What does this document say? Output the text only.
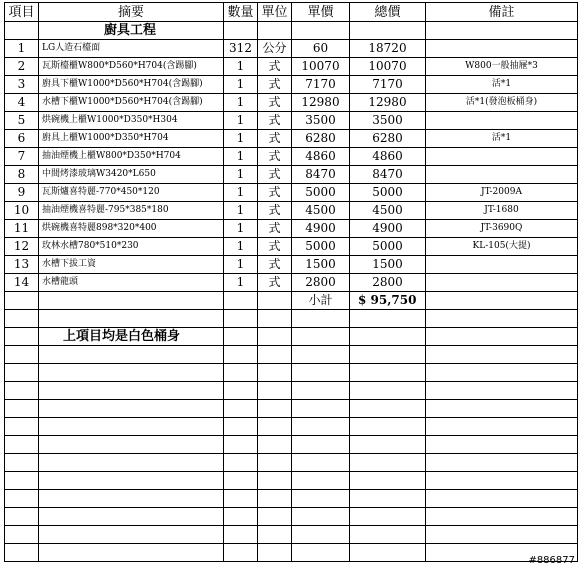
項目	摘要	數量	單位	單價	總價	備註
	廚具工程					
1	LG人造石檯面	312	公分	60	18720	
2	瓦斯檯櫃W800*D560*H704(含踢腳)	1	式	10070	10070	W800一般抽屜*3
3	廚具下櫃W1000*D560*H704(含踢腳)	1	式	7170	7170	活*1
4	水槽下櫃W1000*D560*H704(含踢腳)	1	式	12980	12980	活*1(發泡板桶身)
5	烘碗機上櫃W1000*D350*H304	1	式	3500	3500	
6	廚具上櫃W1000*D350*H704	1	式	6280	6280	活*1
7	抽油煙機上櫃W800*D350*H704	1	式	4860	4860	
8	中間烤漆玻璃W3420*L650	1	式	8470	8470	
9	瓦斯爐喜特麗-770*450*120	1	式	5000	5000	JT-2009A
10	抽油煙機喜特麗-795*385*180	1	式	4500	4500	JT-1680
11	烘碗機喜特麗898*320*400	1	式	4900	4900	JT-3690Q
12	玫林水槽780*510*230	1	式	5000	5000	KL-105(大提)
13	水槽下拔工資	1	式	1500	1500	
14	水槽龍頭	1	式	2800	2800	
				小計	$ 95,750	

	上項目均是白色桶身					

#886877
